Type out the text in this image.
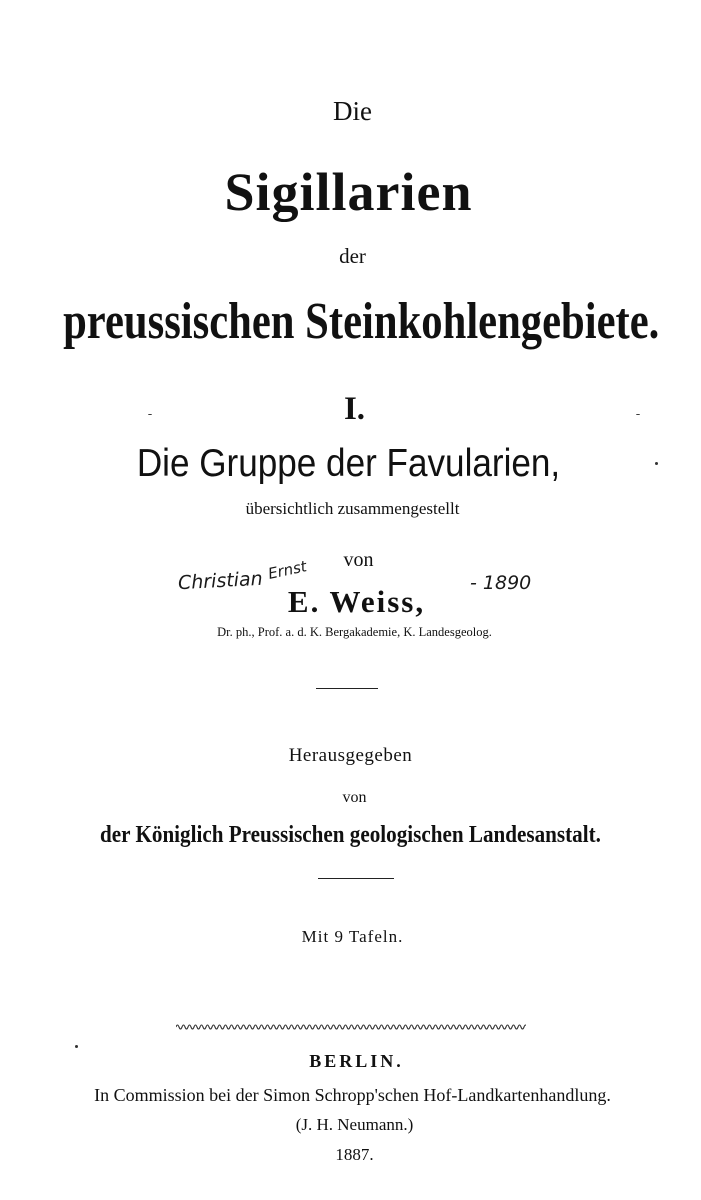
Die
Sigillarien
der
preussischen Steinkohlengebiete.
I.
Die Gruppe der Favularien,
übersichtlich zusammengestellt
von
E. Weiss,
Dr. ph., Prof. a. d. K. Bergakademie, K. Landesgeolog.
Christian Ernst
- 1890
Herausgegeben
von
der Königlich Preussischen geologischen Landesanstalt.
Mit 9 Tafeln.
BERLIN.
In Commission bei der Simon Schropp'schen Hof-Landkartenhandlung.
(J. H. Neumann.)
1887.
